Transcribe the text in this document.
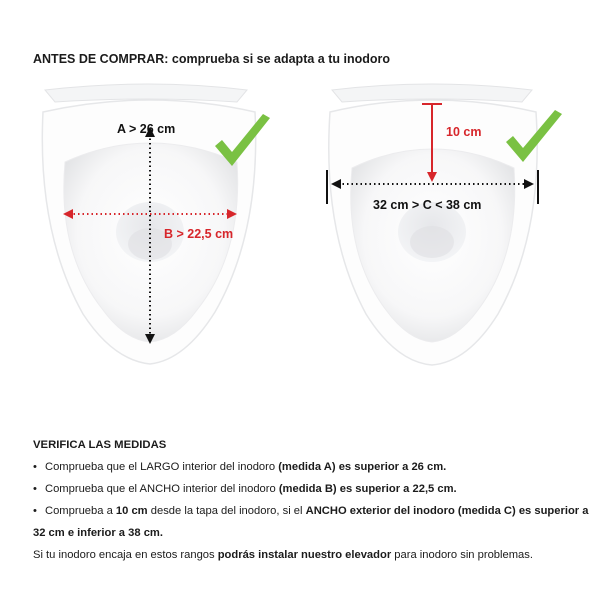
ANTES DE COMPRAR: comprueba si se adapta a tu inodoro
A > 26 cm
B > 22,5 cm
10 cm
32 cm > C < 38 cm
VERIFICA LAS MEDIDAS
• Comprueba que el LARGO interior del inodoro (medida A) es superior a 26 cm.
• Comprueba que el ANCHO interior del inodoro (medida B) es superior a 22,5 cm.
• Comprueba a 10 cm desde la tapa del inodoro, si el ANCHO exterior del inodoro (medida C) es superior a
32 cm e inferior a 38 cm.
Si tu inodoro encaja en estos rangos podrás instalar nuestro elevador para inodoro sin problemas.
